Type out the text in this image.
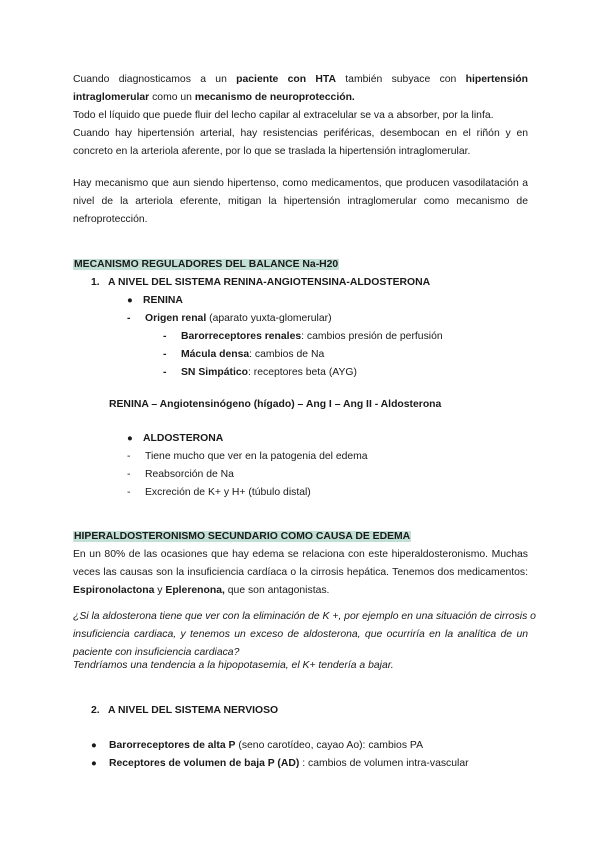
Cuando diagnosticamos a un paciente con HTA también subyace con hipertensión
intraglomerular como un mecanismo de neuroprotección.
Todo el líquido que puede fluir del lecho capilar al extracelular se va a absorber, por la linfa.
Cuando hay hipertensión arterial, hay resistencias periféricas, desembocan en el riñón y en
concreto en la arteriola aferente, por lo que se traslada la hipertensión intraglomerular.
Hay mecanismo que aun siendo hipertenso, como medicamentos, que producen vasodilatación a
nivel de la arteriola eferente, mitigan la hipertensión intraglomerular como mecanismo de
nefroprotección.
MECANISMO REGULADORES DEL BALANCE Na-H20
1. A NIVEL DEL SISTEMA RENINA-ANGIOTENSINA-ALDOSTERONA
● RENINA
- Origen renal (aparato yuxta-glomerular)
- Barorreceptores renales: cambios presión de perfusión
- Mácula densa: cambios de Na
- SN Simpático: receptores beta (AYG)
RENINA – Angiotensinógeno (hígado) – Ang I – Ang II - Aldosterona
● ALDOSTERONA
- Tiene mucho que ver en la patogenia del edema
- Reabsorción de Na
- Excreción de K+ y H+ (túbulo distal)
HIPERALDOSTERONISMO SECUNDARIO COMO CAUSA DE EDEMA
En un 80% de las ocasiones que hay edema se relaciona con este hiperaldosteronismo. Muchas
veces las causas son la insuficiencia cardíaca o la cirrosis hepática. Tenemos dos medicamentos:
Espironolactona y Eplerenona, que son antagonistas.
¿Si la aldosterona tiene que ver con la eliminación de K +, por ejemplo en una situación de cirrosis o
insuficiencia cardiaca, y tenemos un exceso de aldosterona, que ocurriría en la analítica de un
paciente con insuficiencia cardiaca?
Tendríamos una tendencia a la hipopotasemia, el K+ tendería a bajar.
2. A NIVEL DEL SISTEMA NERVIOSO
● Barorreceptores de alta P (seno carotídeo, cayao Ao): cambios PA
● Receptores de volumen de baja P (AD) : cambios de volumen intra-vascular
